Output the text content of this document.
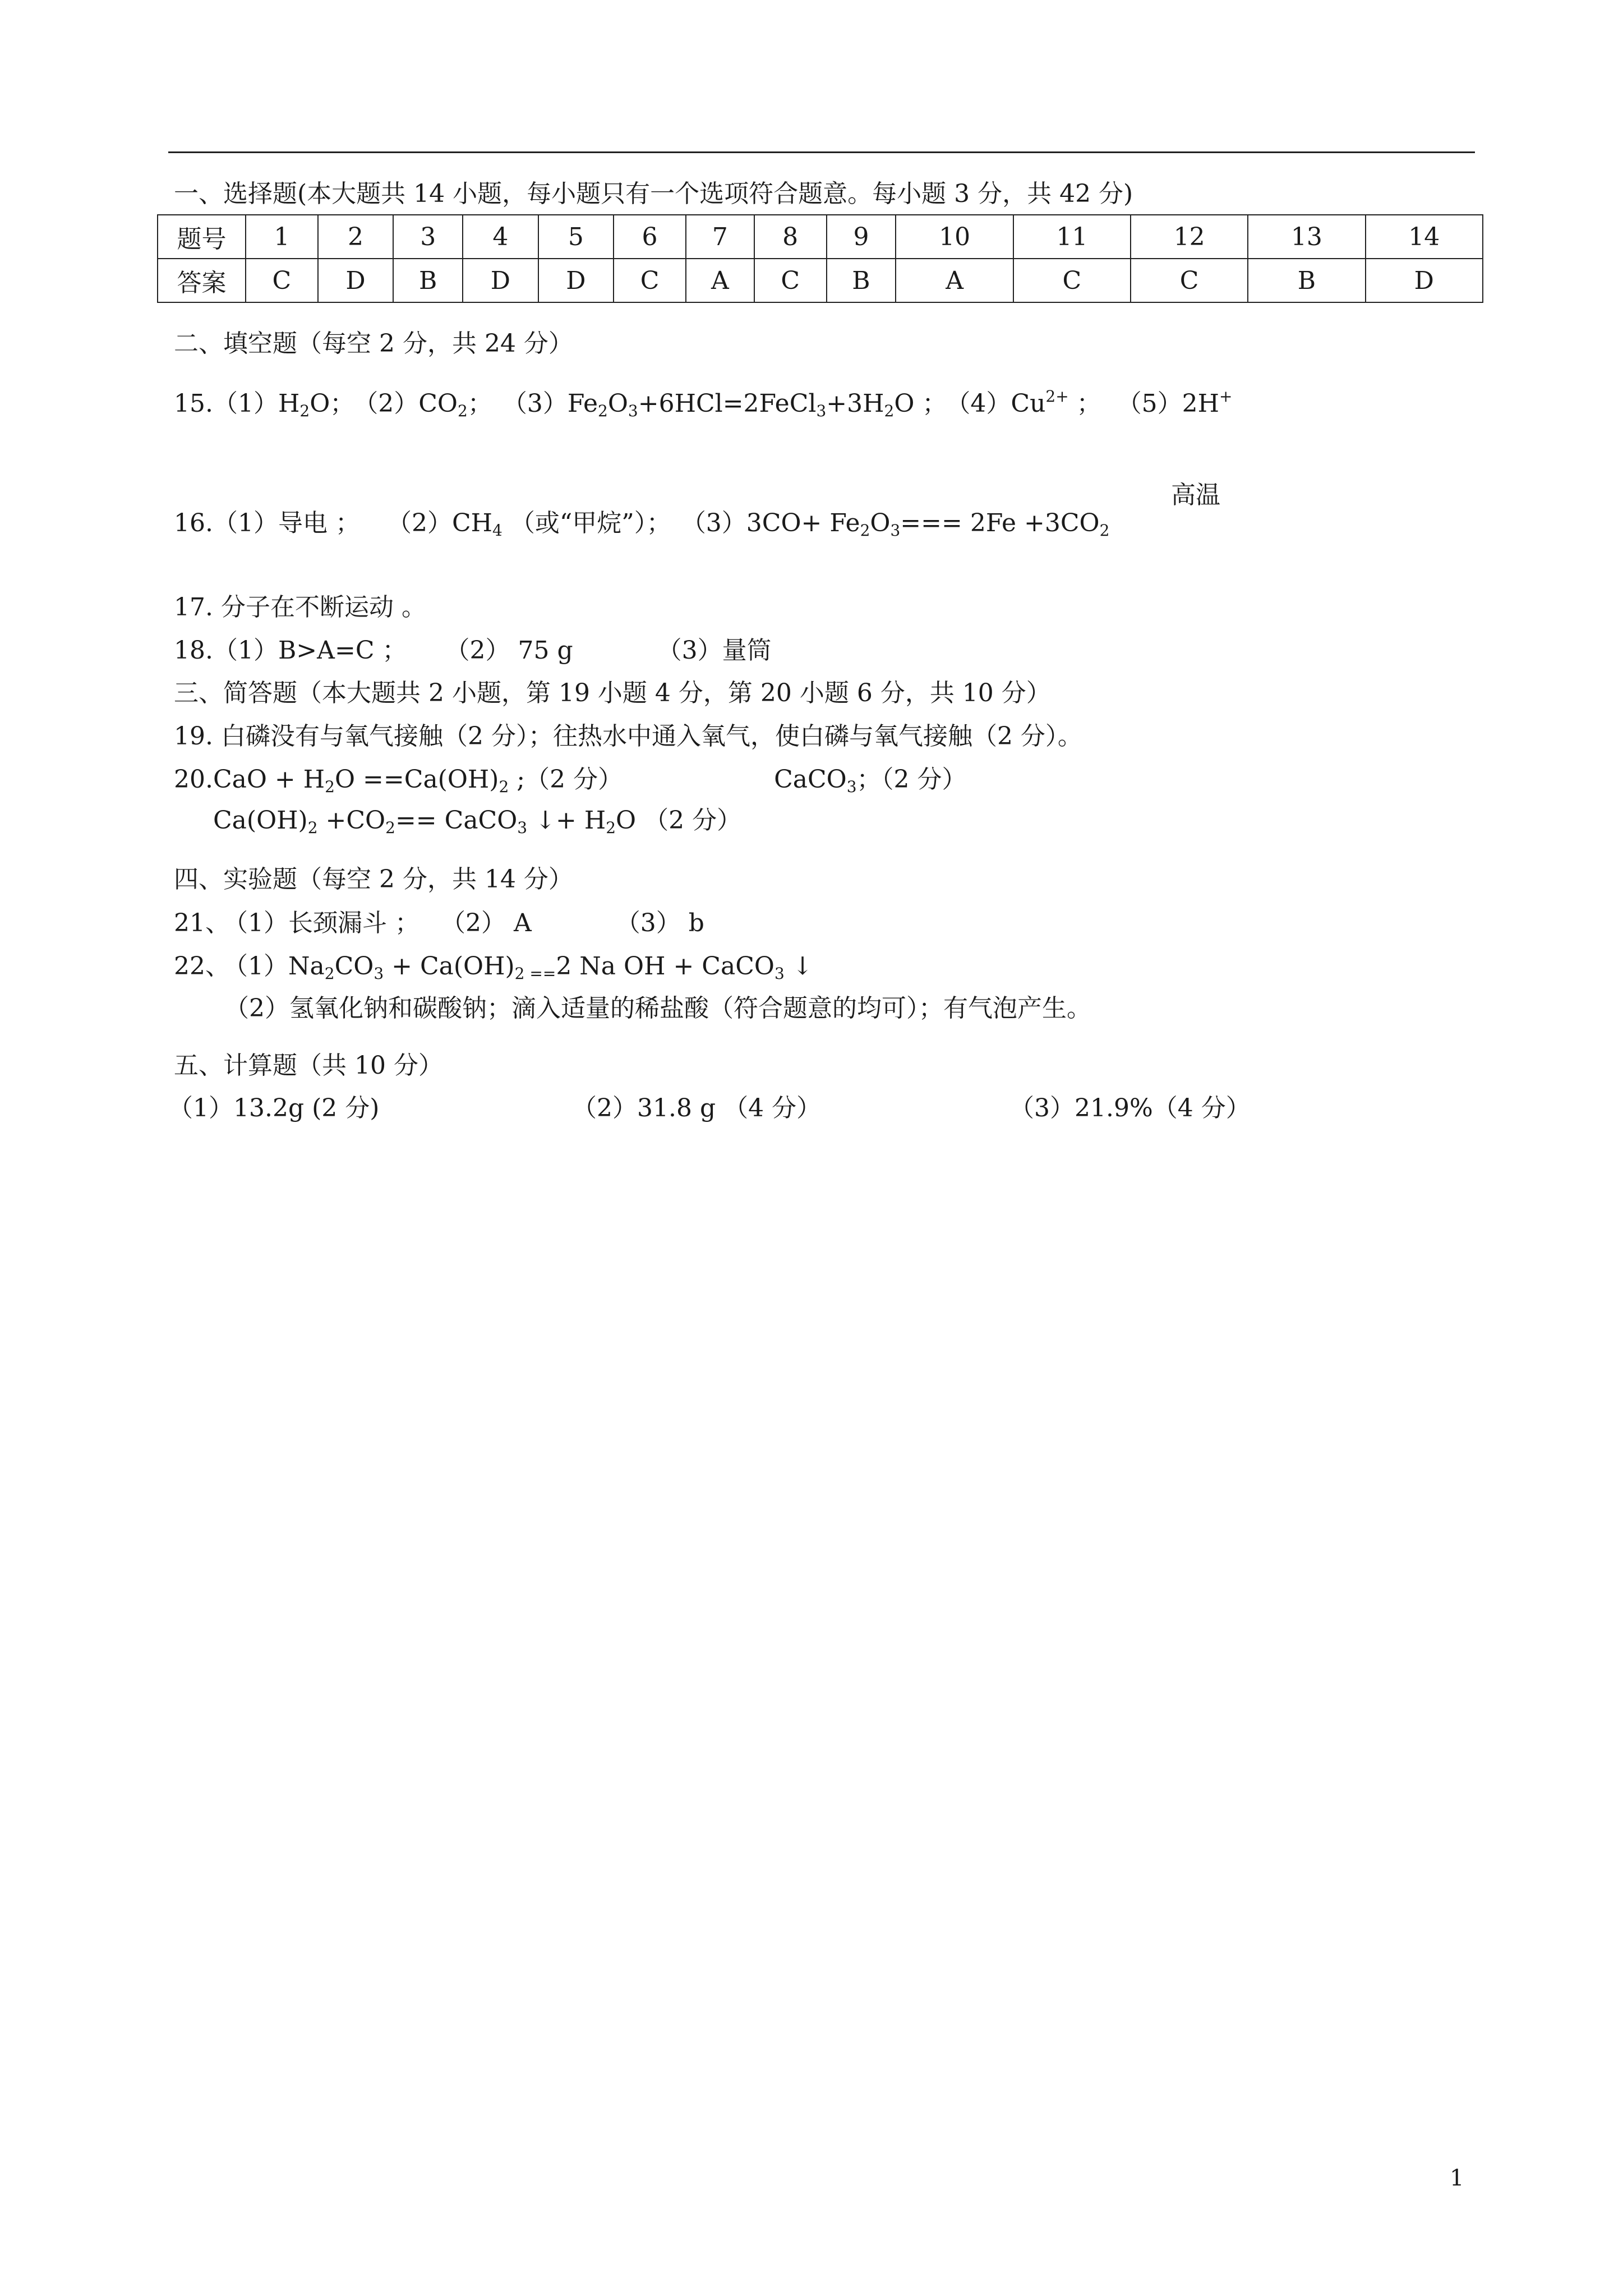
一、选择题(本大题共 14 小题，每小题只有一个选项符合题意。每小题 3 分，共 42 分)
题号	1	2	3	4	5	6	7	8	9	10	11	12	13	14
答案	C	D	B	D	D	C	A	C	B	A	C	C	B	D
二、填空题（每空 2 分，共 24 分）
$15.(1)H_2O$； $(2)CO_2$； $(3)Fe_2O_3+6HCl=2FeCl_3+3H_2O$ ； $(4)Cu^{2+}$ ； （5）2H+
高温
16.（1）导电 ； $(2)CH_4$ （或“甲烷”）； $(3)3CO+ Fe_2O_3=== 2Fe +3CO_2$
17. 分子在不断运动 。
18.（1）B>A=C ； （2） 75 g	（3）量筒
三、简答题（本大题共 2 小题，第 19 小题 4 分，第 20 小题 6 分，共 10 分）
19. 白磷没有与氧气接触（2 分）；往热水中通入氧气，使白磷与氧气接触（2 分）。
$20.CaO + H_2O ==Ca(OH)_2$ ;（2 分）	CaCO$_3$；（2 分）
$Ca(OH)_2 +CO_2==$ CaCO$_3$ ↓+ $H_2O$ （2 分）
四、实验题（每空 2 分，共 14 分）
21、 （1）长颈漏斗 ； （2） A	（3） b
22、 $(1)Na_2CO_3 + Ca(OH)_2$ $_{==}$2 Na OH + CaCO$_3$ ↓
（2）氢氧化钠和碳酸钠；滴入适量的稀盐酸（符合题意的均可）；有气泡产生。
五、计算题（共 10 分）
（1）13.2g (2 分)	（2）31.8 g （4 分）	（3）21.9%（4 分）
1
